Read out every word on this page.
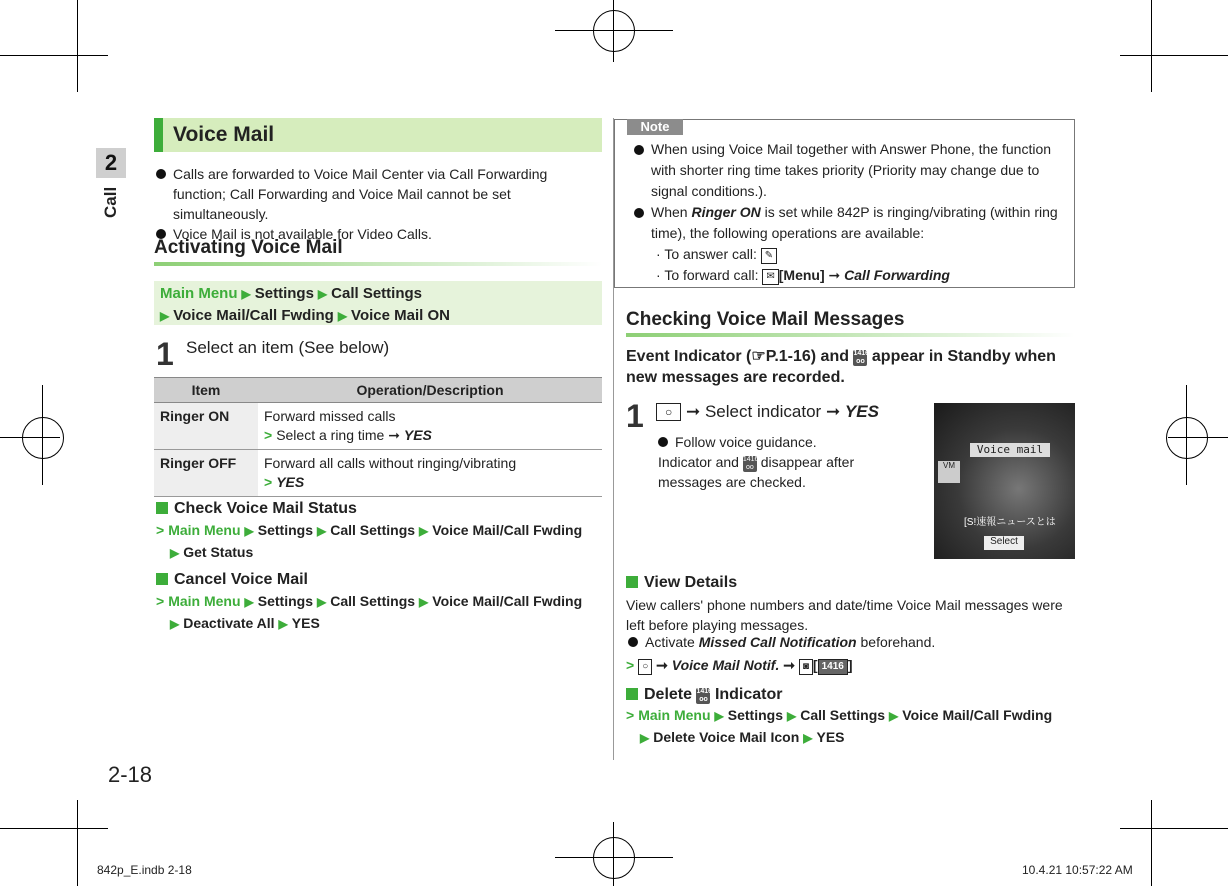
2
Call
Voice Mail
Calls are forwarded to Voice Mail Center via Call Forwarding function; Call Forwarding and Voice Mail cannot be set simultaneously.
Voice Mail is not available for Video Calls.
Activating Voice Mail
Main Menu ▶ Settings ▶ Call Settings
▶ Voice Mail/Call Fwding ▶ Voice Mail ON
1 Select an item (See below)
Item	Operation/Description
Ringer ON	Forward missed calls
> Select a ring time ➞ YES

Ringer OFF	Forward all calls without ringing/vibrating
> YES
Check Voice Mail Status
> Main Menu ▶ Settings ▶ Call Settings ▶ Voice Mail/Call Fwding
▶ Get Status
Cancel Voice Mail
> Main Menu ▶ Settings ▶ Call Settings ▶ Voice Mail/Call Fwding
▶ Deactivate All ▶ YES
2-18
Note
When using Voice Mail together with Answer Phone, the function with shorter ring time takes priority (Priority may change due to signal conditions.).
When Ringer ON is set while 842P is ringing/vibrating (within ring time), the following operations are available:
· To answer call: ✎
· To forward call: ✉ [Menu] ➞ Call Forwarding
Checking Voice Mail Messages
Event Indicator (☞P.1-16) and 1416
oo appear in Standby when new messages are recorded.
1	○ ➞ Select indicator ➞ YES
Follow voice guidance.
Indicator and 1416
oo disappear after messages are checked.
Voice mail
VM
[S!速報ニュースとは
Select
View Details
View callers' phone numbers and date/time Voice Mail messages were left before playing messages.
Activate Missed Call Notification beforehand.
> ○ ➞ Voice Mail Notif. ➞ ◙ [ 1416 ]
Delete 1416
oo Indicator
> Main Menu ▶ Settings ▶ Call Settings ▶ Voice Mail/Call Fwding
▶ Delete Voice Mail Icon ▶ YES
842p_E.indb 2-18	10.4.21 10:57:22 AM
